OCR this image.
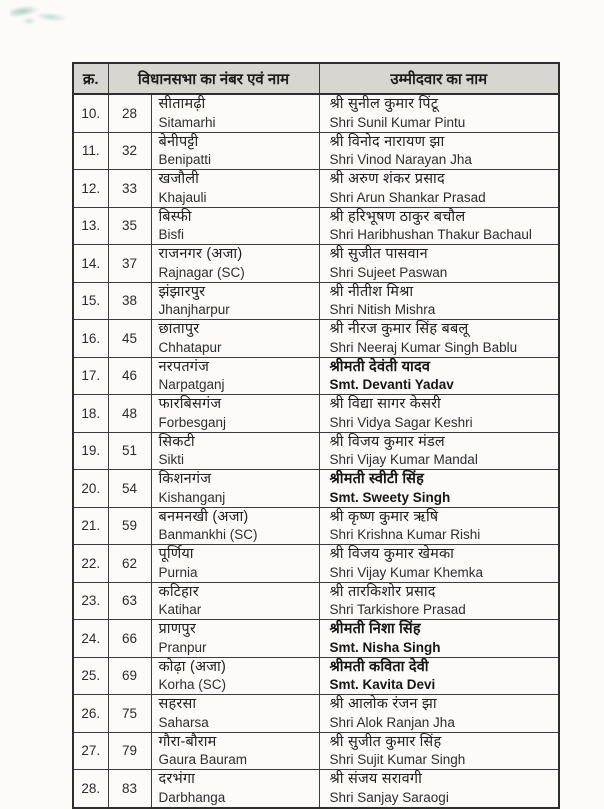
क्र.	विधानसभा का नंबर एवं नाम		उम्मीदवार का नाम
10.	28	
सीतामढ़ी
Sitamarhi

श्री सुनील कुमार पिंटू
Shri Sunil Kumar Pintu

11.	32	
बेनीपट्टी
Benipatti

श्री विनोद नारायण झा
Shri Vinod Narayan Jha

12.	33	
खजौली
Khajauli

श्री अरुण शंकर प्रसाद
Shri Arun Shankar Prasad

13.	35	
बिस्फी
Bisfi

श्री हरिभूषण ठाकुर बचौल
Shri Haribhushan Thakur Bachaul

14.	37	
राजनगर (अजा)
Rajnagar (SC)

श्री सुजीत पासवान
Shri Sujeet Paswan

15.	38	
झंझारपुर
Jhanjharpur

श्री नीतीश मिश्रा
Shri Nitish Mishra

16.	45	
छातापुर
Chhatapur

श्री नीरज कुमार सिंह बबलू
Shri Neeraj Kumar Singh Bablu

17.	46	
नरपतगंज
Narpatganj

श्रीमती देवंती यादव
Smt. Devanti Yadav

18.	48	
फारबिसगंज
Forbesganj

श्री विद्या सागर केसरी
Shri Vidya Sagar Keshri

19.	51	
सिकटी
Sikti

श्री विजय कुमार मंडल
Shri Vijay Kumar Mandal

20.	54	
किशनगंज
Kishanganj

श्रीमती स्वीटी सिंह
Smt. Sweety Singh

21.	59	
बनमनखी (अजा)
Banmankhi (SC)

श्री कृष्ण कुमार ऋषि
Shri Krishna Kumar Rishi

22.	62	
पूर्णिया
Purnia

श्री विजय कुमार खेमका
Shri Vijay Kumar Khemka

23.	63	
कटिहार
Katihar

श्री तारकिशोर प्रसाद
Shri Tarkishore Prasad

24.	66	
प्राणपुर
Pranpur

श्रीमती निशा सिंह
Smt. Nisha Singh

25.	69	
कोढ़ा (अजा)
Korha (SC)

श्रीमती कविता देवी
Smt. Kavita Devi

26.	75	
सहरसा
Saharsa

श्री आलोक रंजन झा
Shri Alok Ranjan Jha

27.	79	
गौरा-बौराम
Gaura Bauram

श्री सुजीत कुमार सिंह
Shri Sujit Kumar Singh

28.	83	
दरभंगा
Darbhanga

श्री संजय सरावगी
Shri Sanjay Saraogi
